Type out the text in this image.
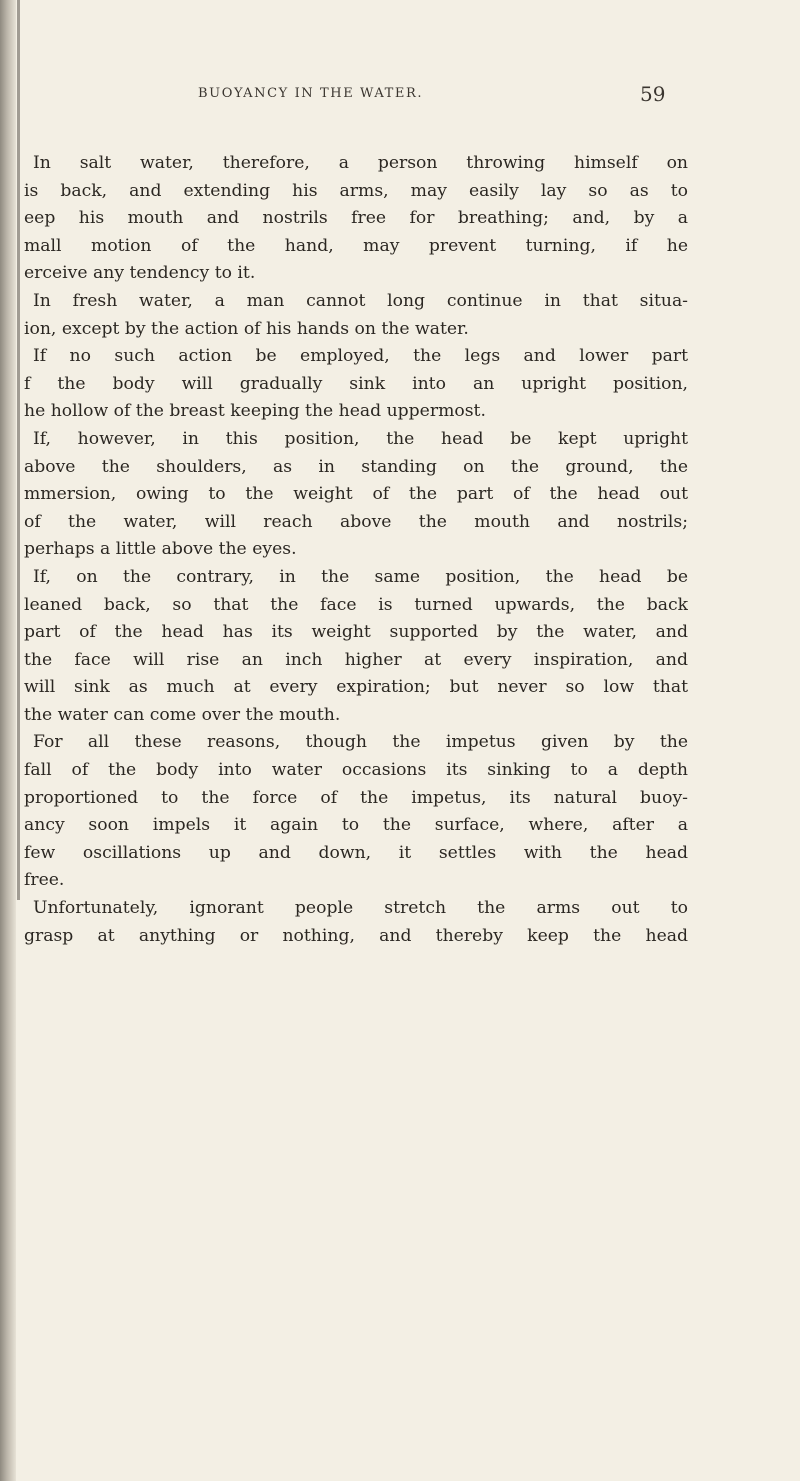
BUOYANCY IN THE WATER.	59
In salt water, therefore, a person throwing himself on
is back, and extending his arms, may easily lay so as to
eep his mouth and nostrils free for breathing; and, by a
mall motion of the hand, may prevent turning, if he
erceive any tendency to it.
In fresh water, a man cannot long continue in that situa-
ion, except by the action of his hands on the water.
If no such action be employed, the legs and lower part
f the body will gradually sink into an upright position,
he hollow of the breast keeping the head uppermost.
If, however, in this position, the head be kept upright
above the shoulders, as in standing on the ground, the
mmersion, owing to the weight of the part of the head out
of the water, will reach above the mouth and nostrils;
perhaps a little above the eyes.
If, on the contrary, in the same position, the head be
leaned back, so that the face is turned upwards, the back
part of the head has its weight supported by the water, and
the face will rise an inch higher at every inspiration, and
will sink as much at every expiration; but never so low that
the water can come over the mouth.
For all these reasons, though the impetus given by the
fall of the body into water occasions its sinking to a depth
proportioned to the force of the impetus, its natural buoy-
ancy soon impels it again to the surface, where, after a
few oscillations up and down, it settles with the head
free.
Unfortunately, ignorant people stretch the arms out to
grasp at anything or nothing, and thereby keep the head
